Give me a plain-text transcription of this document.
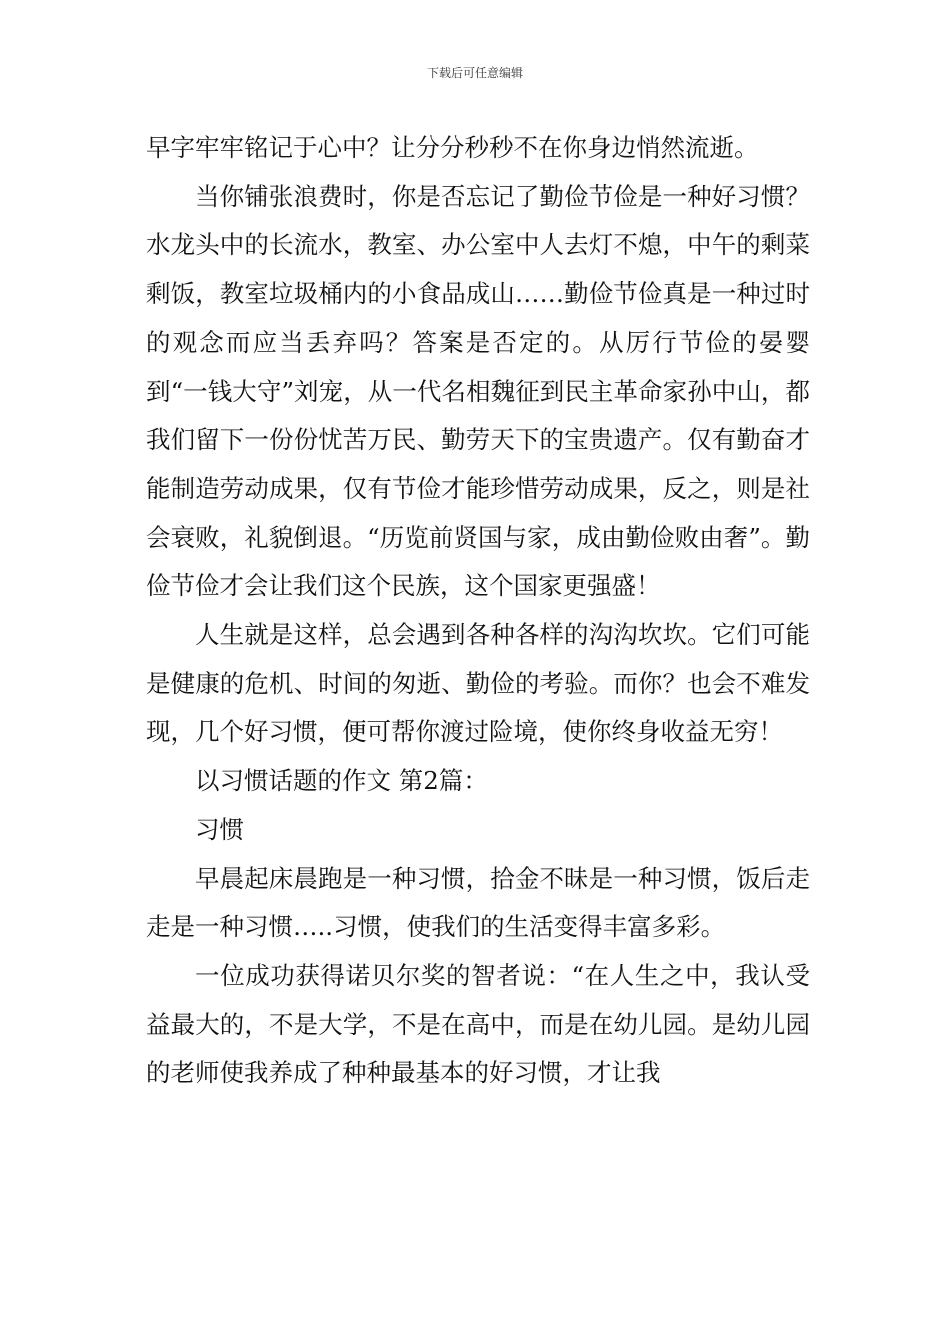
下载后可任意编辑

早字牢牢铭记于心中？让分分秒秒不在你身边悄然流逝。

当你铺张浪费时，你是否忘记了勤俭节俭是一种好习惯？水龙头中的长流水，教室、办公室中人去灯不熄，中午的剩菜剩饭，教室垃圾桶内的小食品成山……勤俭节俭真是一种过时的观念而应当丢弃吗？答案是否定的。从厉行节俭的晏婴到“一钱大守”刘宠，从一代名相魏征到民主革命家孙中山，都我们留下一份份忧苦万民、勤劳天下的宝贵遗产。仅有勤奋才能制造劳动成果，仅有节俭才能珍惜劳动成果，反之，则是社会衰败，礼貌倒退。“历览前贤国与家，成由勤俭败由奢”。勤俭节俭才会让我们这个民族，这个国家更强盛！

人生就是这样，总会遇到各种各样的沟沟坎坎。它们可能是健康的危机、时间的匆逝、勤俭的考验。而你？也会不难发现，几个好习惯，便可帮你渡过险境，使你终身收益无穷！

以习惯话题的作文 第2篇：

习惯

早晨起床晨跑是一种习惯，拾金不昧是一种习惯，饭后走走是一种习惯…..习惯，使我们的生活变得丰富多彩。

一位成功获得诺贝尔奖的智者说：“在人生之中，我认受益最大的，不是大学，不是在高中，而是在幼儿园。是幼儿园的老师使我养成了种种最基本的好习惯，才让我
